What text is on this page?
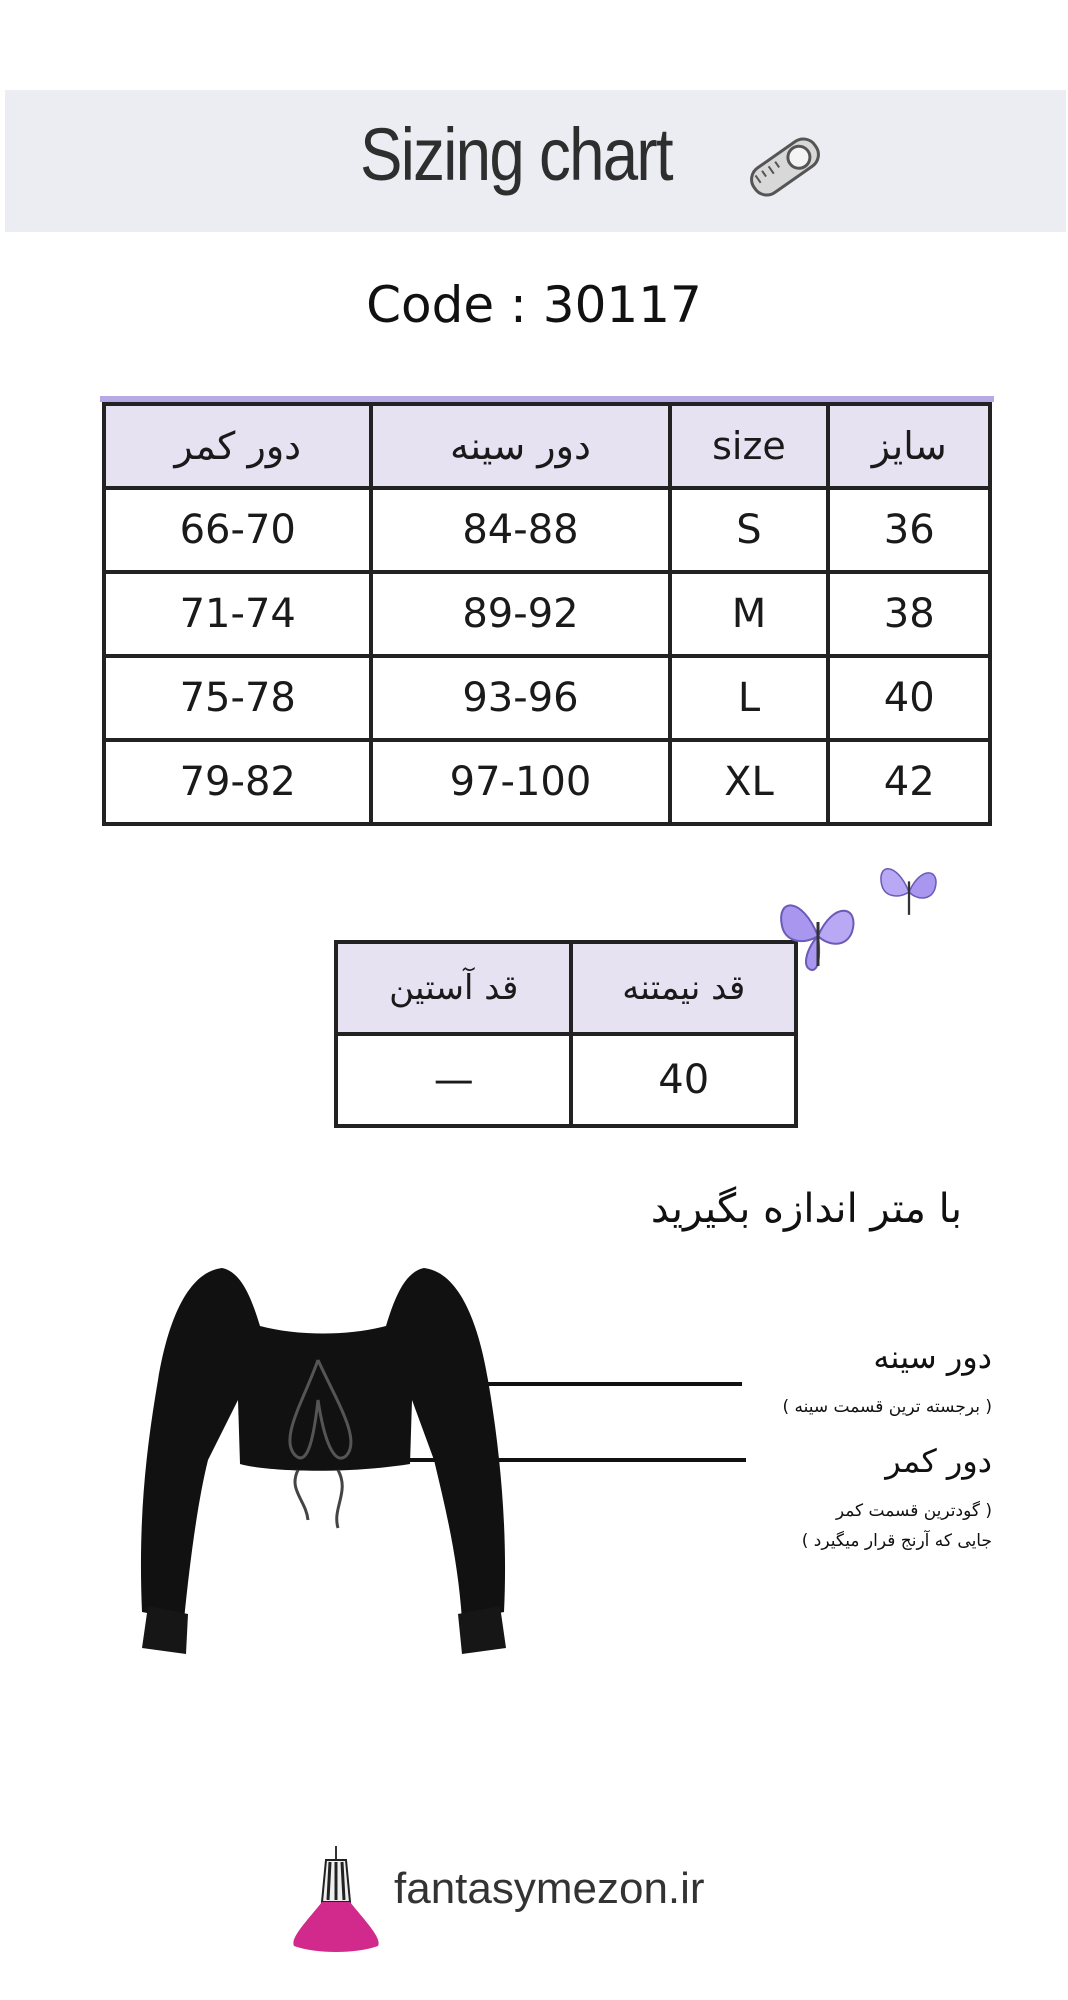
Sizing chart
Code : 30117
دور کمر	دور سینه	size	سایز
66-70	84-88	S	36
71-74	89-92	M	38
75-78	93-96	L	40
79-82	97-100	XL	42
قد آستین	قد نیمتنه
—	40
با متر اندازه بگیرید
دور سینه
( برجسته ترین قسمت سینه )
دور کمر
( گودترین قسمت کمر
جایی که آرنج قرار میگیرد )
fantasymezon.ir
